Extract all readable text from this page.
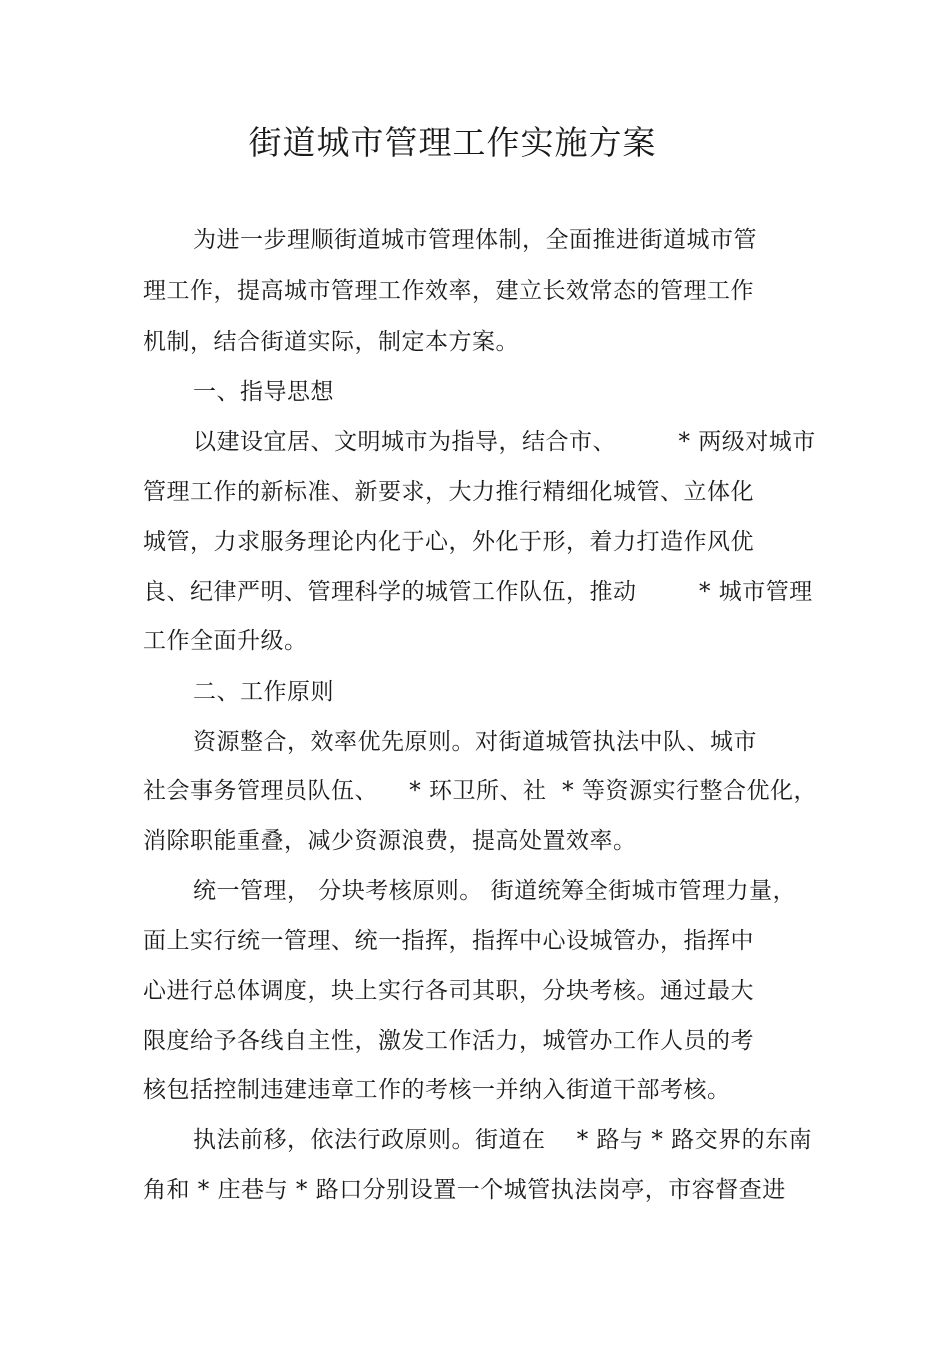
街道城市管理工作实施方案
为进一步理顺街道城市管理体制，全面推进街道城市管
理工作，提高城市管理工作效率，建立长效常态的管理工作
机制，结合街道实际，制定本方案。
一、指导思想
以建设宜居、文明城市为指导，结合市、        * 两级对城市
管理工作的新标准、新要求，大力推行精细化城管、立体化
城管，力求服务理论内化于心，外化于形，着力打造作风优
良、纪律严明、管理科学的城管工作队伍，推动        * 城市管理
工作全面升级。
二、工作原则
资源整合，效率优先原则。对街道城管执法中队、城市
社会事务管理员队伍、    * 环卫所、社  * 等资源实行整合优化，
消除职能重叠，减少资源浪费，提高处置效率。
统一管理， 分块考核原则。 街道统筹全街城市管理力量，
面上实行统一管理、统一指挥，指挥中心设城管办，指挥中
心进行总体调度，块上实行各司其职，分块考核。通过最大
限度给予各线自主性，激发工作活力，城管办工作人员的考
核包括控制违建违章工作的考核一并纳入街道干部考核。
执法前移，依法行政原则。街道在    * 路与 * 路交界的东南
角和 * 庄巷与 * 路口分别设置一个城管执法岗亭，市容督查进
